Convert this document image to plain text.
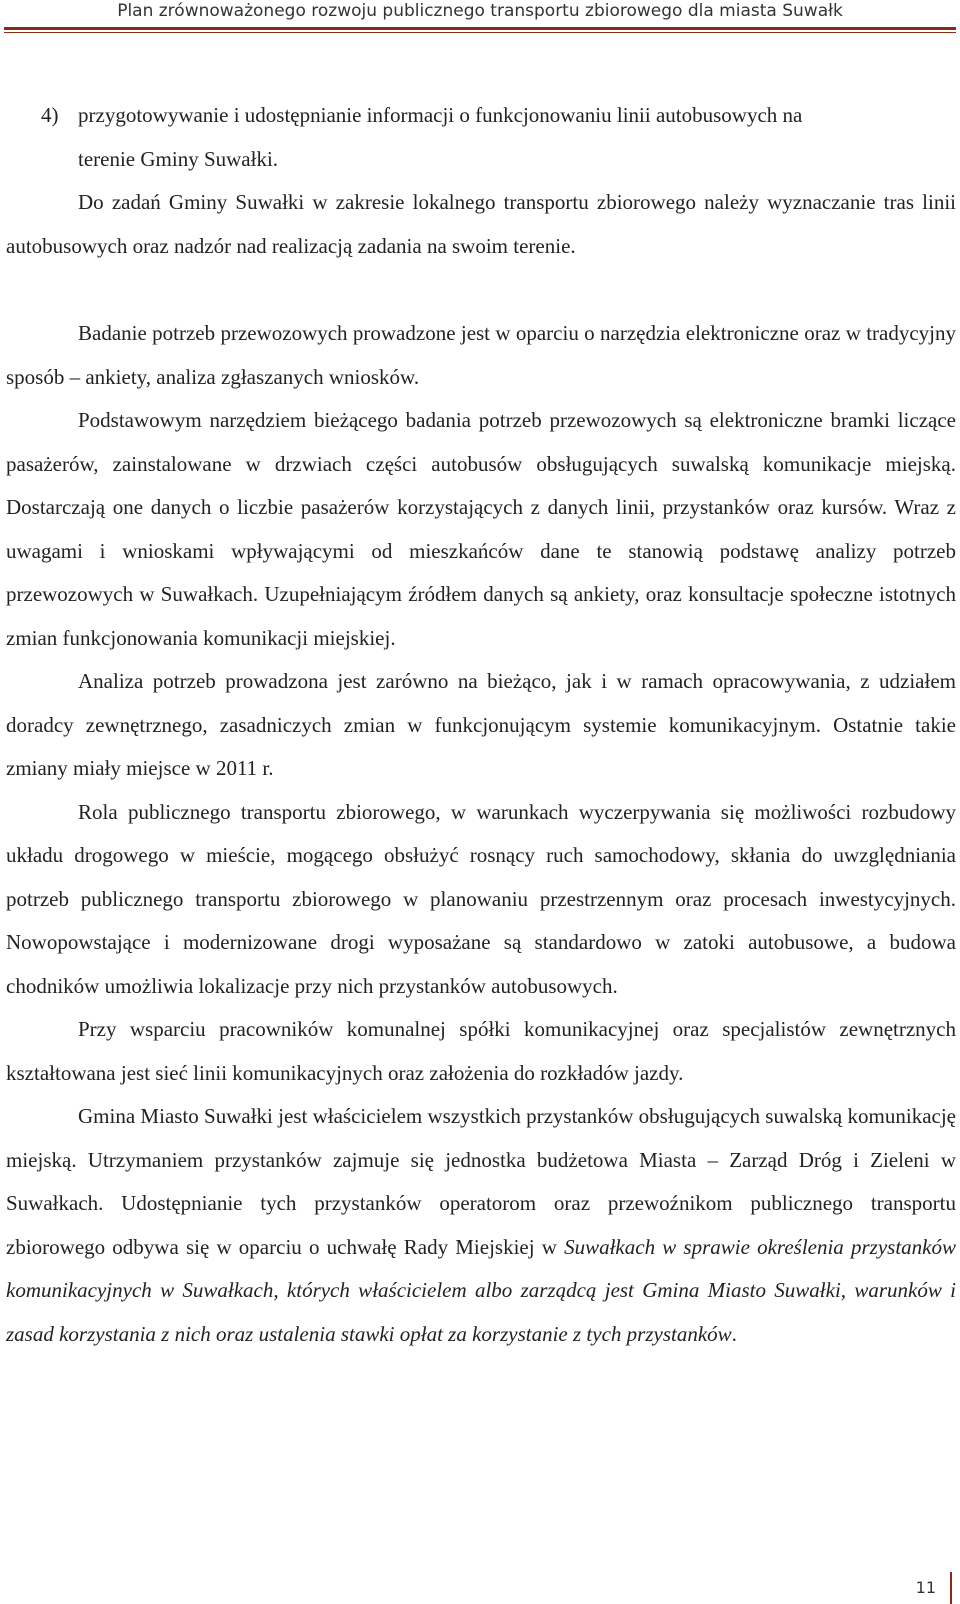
Plan zrównoważonego rozwoju publicznego transportu zbiorowego dla miasta Suwałk
4) przygotowywanie i udostępnianie informacji o funkcjonowaniu linii autobusowych na
terenie Gminy Suwałki.

Do zadań Gminy Suwałki w zakresie lokalnego transportu zbiorowego należy wyznaczanie tras linii autobusowych oraz nadzór nad realizacją zadania na swoim terenie.

Badanie potrzeb przewozowych prowadzone jest w oparciu o narzędzia elektroniczne oraz w tradycyjny sposób – ankiety, analiza zgłaszanych wniosków.

Podstawowym narzędziem bieżącego badania potrzeb przewozowych są elektroniczne bramki liczące pasażerów, zainstalowane w drzwiach części autobusów obsługujących suwalską komunikacje miejską. Dostarczają one danych o liczbie pasażerów korzystających z danych linii, przystanków oraz kursów. Wraz z uwagami i wnioskami wpływającymi od mieszkańców dane te stanowią podstawę analizy potrzeb przewozowych w Suwałkach. Uzupełniającym źródłem danych są ankiety, oraz konsultacje społeczne istotnych zmian funkcjonowania komunikacji miejskiej.

Analiza potrzeb prowadzona jest zarówno na bieżąco, jak i w ramach opracowywania, z udziałem doradcy zewnętrznego, zasadniczych zmian w funkcjonującym systemie komunikacyjnym. Ostatnie takie zmiany miały miejsce w 2011 r.

Rola publicznego transportu zbiorowego, w warunkach wyczerpywania się możliwości rozbudowy układu drogowego w mieście, mogącego obsłużyć rosnący ruch samochodowy, skłania do uwzględniania potrzeb publicznego transportu zbiorowego w planowaniu przestrzennym oraz procesach inwestycyjnych. Nowopowstające i modernizowane drogi wyposażane są standardowo w zatoki autobusowe, a budowa chodników umożliwia lokalizacje przy nich przystanków autobusowych.

Przy wsparciu pracowników komunalnej spółki komunikacyjnej oraz specjalistów zewnętrznych kształtowana jest sieć linii komunikacyjnych oraz założenia do rozkładów jazdy.

Gmina Miasto Suwałki jest właścicielem wszystkich przystanków obsługujących suwalską komunikację miejską. Utrzymaniem przystanków zajmuje się jednostka budżetowa Miasta – Zarząd Dróg i Zieleni w Suwałkach. Udostępnianie tych przystanków operatorom oraz przewoźnikom publicznego transportu zbiorowego odbywa się w oparciu o uchwałę Rady Miejskiej w Suwałkach w sprawie określenia przystanków komunikacyjnych w Suwałkach, których właścicielem albo zarządcą jest Gmina Miasto Suwałki, warunków i zasad korzystania z nich oraz ustalenia stawki opłat za korzystanie z tych przystanków.

11
